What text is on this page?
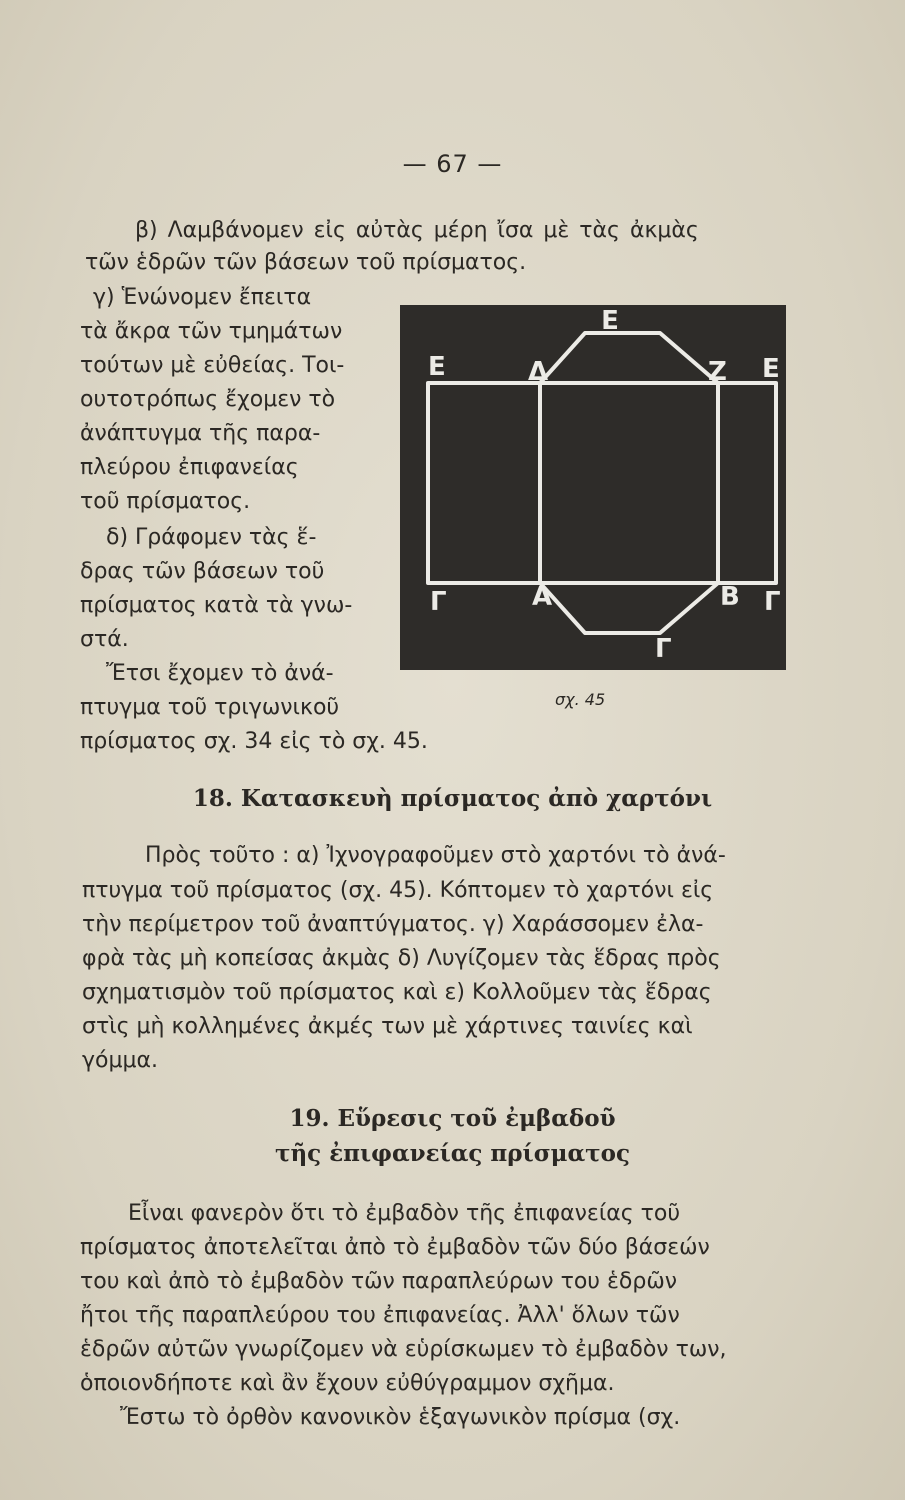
— 67 —
β) Λαμβάνομεν εἰς αὐτὰς μέρη ἴσα μὲ τὰς ἀκμὰς
τῶν ἑδρῶν τῶν βάσεων τοῦ πρίσματος.
γ) Ἑνώνομεν ἔπειτα
τὰ ἄκρα τῶν τμημάτων
τούτων μὲ εὐθείας. Τοι-
ουτοτρόπως ἔχομεν τὸ
ἀνάπτυγμα τῆς παρα-
πλεύρου ἐπιφανείας
τοῦ πρίσματος.
δ) Γράφομεν τὰς ἕ-
δρας τῶν βάσεων τοῦ
πρίσματος κατὰ τὰ γνω-
στά.
Ἔτσι ἔχομεν τὸ ἀνά-
πτυγμα τοῦ τριγωνικοῦ
πρίσματος σχ. 34 εἰς τὸ σχ. 45.
Ε
Ε	Δ	Ζ Ε
Γ	Α	Β Γ
Γ
σχ. 45
18. Κατασκευὴ πρίσματος ἀπὸ χαρτόνι
Πρὸς τοῦτο : α) Ἰχνογραφοῦμεν στὸ χαρτόνι τὸ ἀνά-
πτυγμα τοῦ πρίσματος (σχ. 45). Κόπτομεν τὸ χαρτόνι εἰς
τὴν περίμετρον τοῦ ἀναπτύγματος. γ) Χαράσσομεν ἐλα-
φρὰ τὰς μὴ κοπείσας ἀκμὰς δ) Λυγίζομεν τὰς ἕδρας πρὸς
σχηματισμὸν τοῦ πρίσματος καὶ ε) Κολλοῦμεν τὰς ἕδρας
στὶς μὴ κολλημένες ἀκμές των μὲ χάρτινες ταινίες καὶ
γόμμα.
19. Εὕρεσις τοῦ ἐμβαδοῦ
τῆς ἐπιφανείας πρίσματος
Εἶναι φανερὸν ὅτι τὸ ἐμβαδὸν τῆς ἐπιφανείας τοῦ
πρίσματος ἀποτελεῖται ἀπὸ τὸ ἐμβαδὸν τῶν δύο βάσεών
του καὶ ἀπὸ τὸ ἐμβαδὸν τῶν παραπλεύρων του ἑδρῶν
ἤτοι τῆς παραπλεύρου του ἐπιφανείας. Ἀλλ' ὅλων τῶν
ἑδρῶν αὐτῶν γνωρίζομεν νὰ εὑρίσκωμεν τὸ ἐμβαδὸν των,
ὁποιονδήποτε καὶ ἂν ἔχουν εὐθύγραμμον σχῆμα.
Ἔστω τὸ ὀρθὸν κανονικὸν ἑξαγωνικὸν πρίσμα (σχ.
